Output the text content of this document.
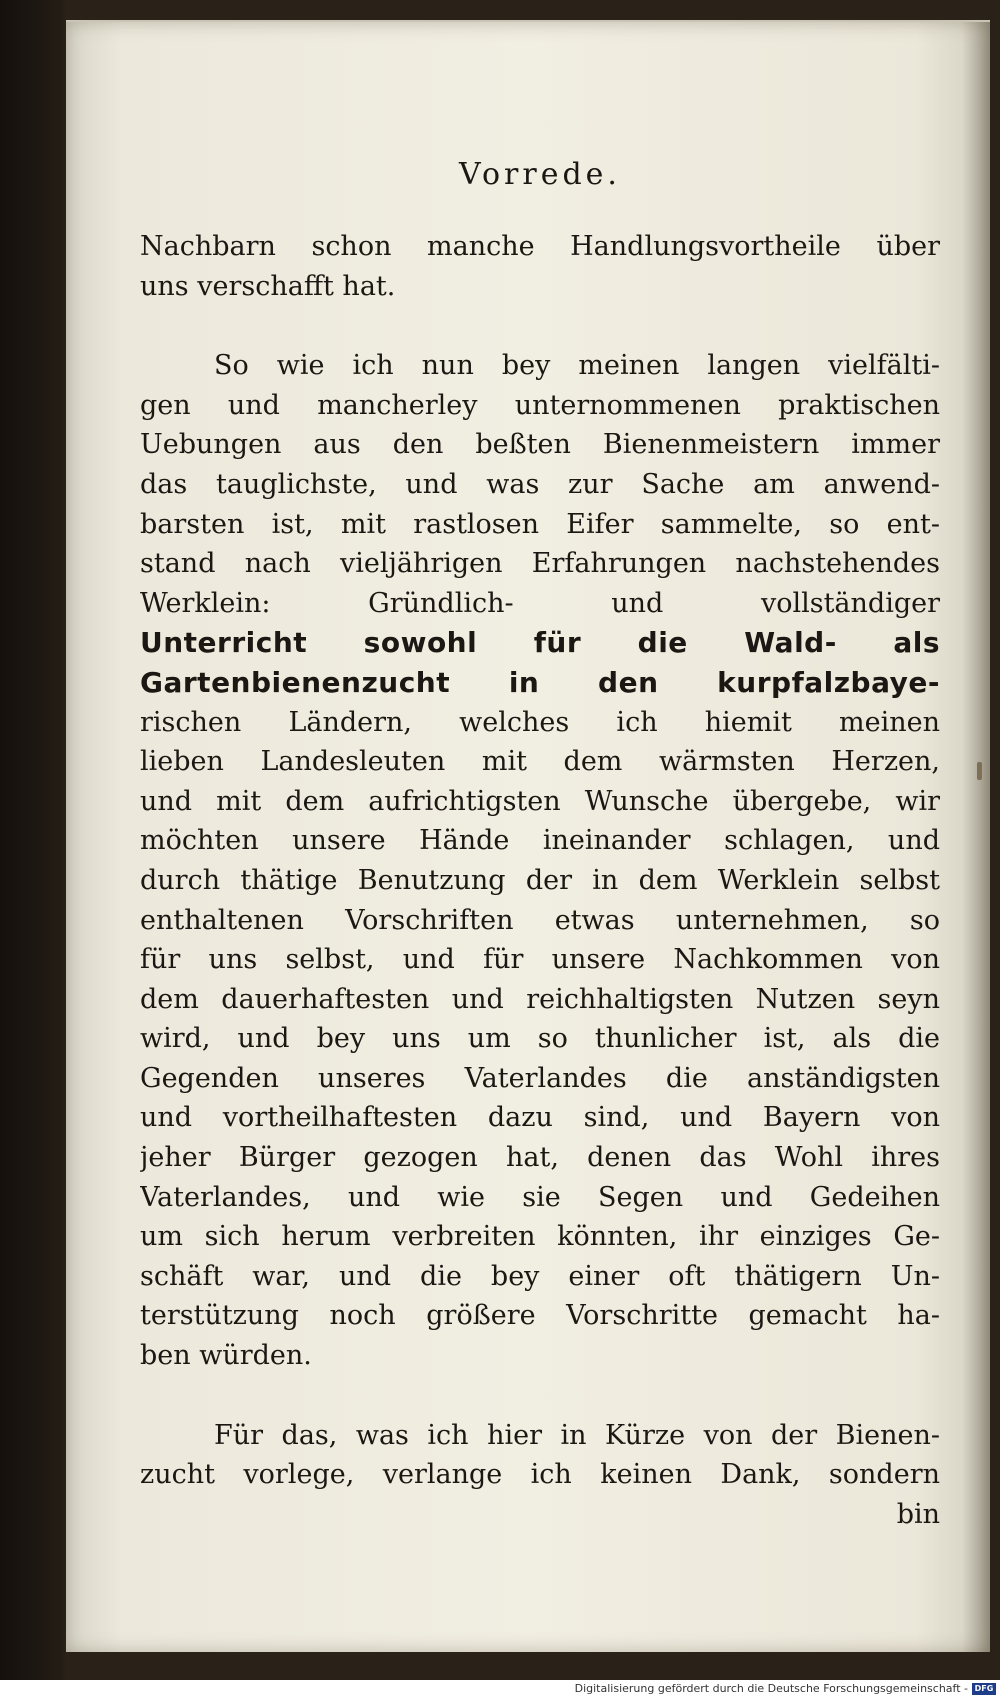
Vorrede.
Nachbarn schon manche Handlungsvortheile über
uns verschafft hat.
So wie ich nun bey meinen langen vielfälti-
gen und mancherley unternommenen praktischen
Uebungen aus den beßten Bienenmeistern immer
das tauglichste, und was zur Sache am anwend-
barsten ist, mit rastlosen Eifer sammelte, so ent-
stand nach vieljährigen Erfahrungen nachstehendes
Werklein: Gründlich- und vollständiger
Unterricht sowohl für die Wald- als
Gartenbienenzucht in den kurpfalzbaye-
rischen Ländern, welches ich hiemit meinen
lieben Landesleuten mit dem wärmsten Herzen,
und mit dem aufrichtigsten Wunsche übergebe, wir
möchten unsere Hände ineinander schlagen, und
durch thätige Benutzung der in dem Werklein selbst
enthaltenen Vorschriften etwas unternehmen, so
für uns selbst, und für unsere Nachkommen von
dem dauerhaftesten und reichhaltigsten Nutzen seyn
wird, und bey uns um so thunlicher ist, als die
Gegenden unseres Vaterlandes die anständigsten
und vortheilhaftesten dazu sind, und Bayern von
jeher Bürger gezogen hat, denen das Wohl ihres
Vaterlandes, und wie sie Segen und Gedeihen
um sich herum verbreiten könnten, ihr einziges Ge-
schäft war, und die bey einer oft thätigern Un-
terstützung noch größere Vorschritte gemacht ha-
ben würden.
Für das, was ich hier in Kürze von der Bienen-
zucht vorlege, verlange ich keinen Dank, sondern
bin
Digitalisierung gefördert durch die Deutsche Forschungsgemeinschaft - DFG
